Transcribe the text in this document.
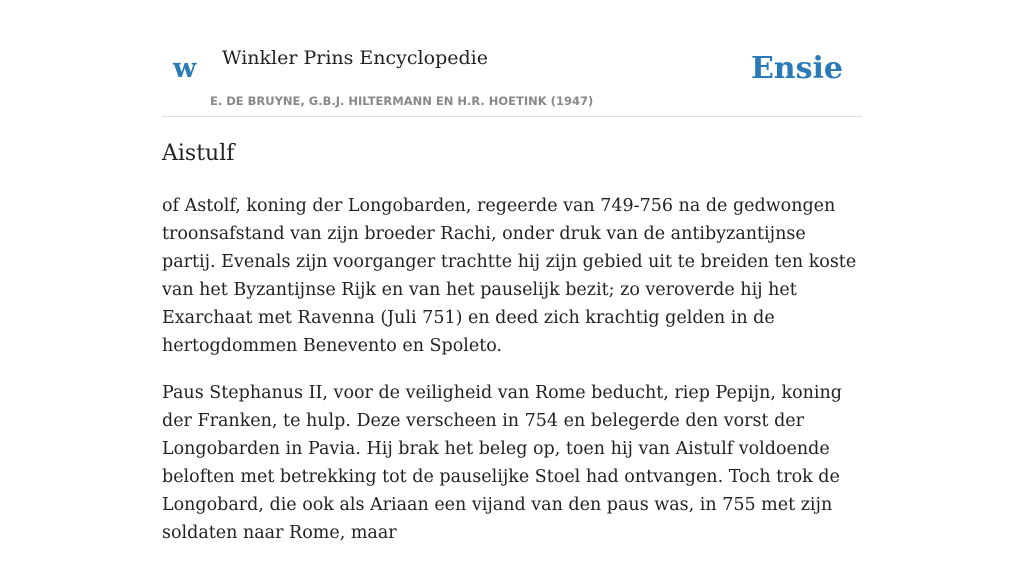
w Winkler Prins Encyclopedie
E. DE BRUYNE, G.B.J. HILTERMANN EN H.R. HOETINK (1947)
Ensie
Aistulf

of Astolf, koning der Longobarden, regeerde van 749-756 na de gedwongen troonsafstand van zijn broeder Rachi, onder druk van de antibyzantijnse partij. Evenals zijn voorganger trachtte hij zijn gebied uit te breiden ten koste van het Byzantijnse Rijk en van het pauselijk bezit; zo veroverde hij het Exarchaat met Ravenna (Juli 751) en deed zich krachtig gelden in de hertogdommen Benevento en Spoleto.

Paus Stephanus II, voor de veiligheid van Rome beducht, riep Pepijn, koning der Franken, te hulp. Deze verscheen in 754 en belegerde den vorst der Longobarden in Pavia. Hij brak het beleg op, toen hij van Aistulf voldoende beloften met betrekking tot de pauselijke Stoel had ontvangen. Toch trok de Longobard, die ook als Ariaan een vijand van den paus was, in 755 met zijn soldaten naar Rome, maar
